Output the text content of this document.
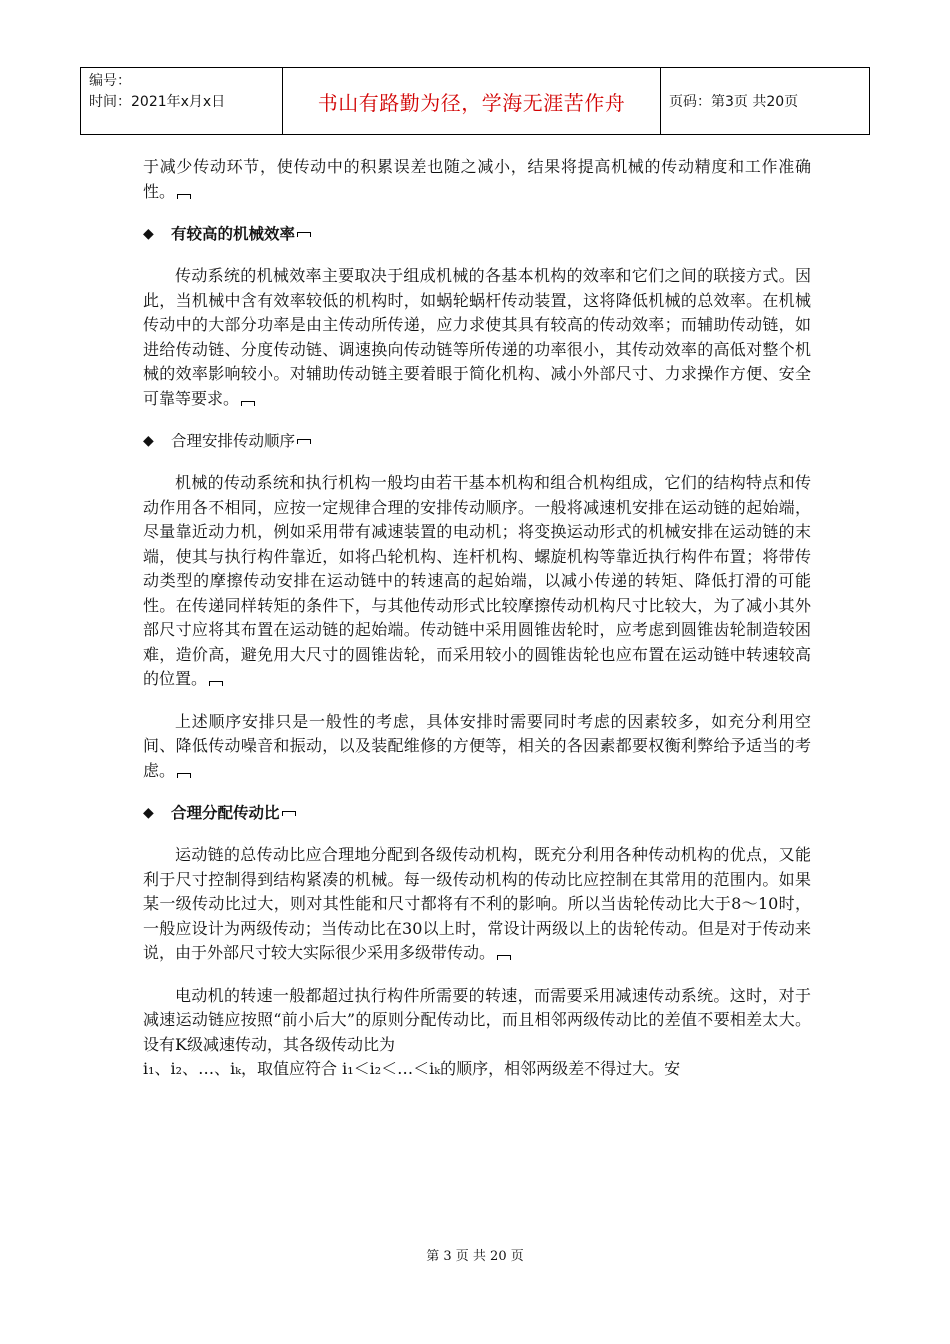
编号：
时间：2021年x月x日	书山有路勤为径，学海无涯苦作舟	页码：第3页 共20页

于减少传动环节，使传动中的积累误差也随之减小，结果将提高机械的传动精度和工作准确性。

◆ 有较高的机械效率

传动系统的机械效率主要取决于组成机械的各基本机构的效率和它们之间的联接方式。因此，当机械中含有效率较低的机构时，如蜗轮蜗杆传动装置，这将降低机械的总效率。在机械传动中的大部分功率是由主传动所传递，应力求使其具有较高的传动效率；而辅助传动链，如进给传动链、分度传动链、调速换向传动链等所传递的功率很小，其传动效率的高低对整个机械的效率影响较小。对辅助传动链主要着眼于简化机构、减小外部尺寸、力求操作方便、安全可靠等要求。

◆ 合理安排传动顺序

机械的传动系统和执行机构一般均由若干基本机构和组合机构组成，它们的结构特点和传动作用各不相同，应按一定规律合理的安排传动顺序。一般将减速机安排在运动链的起始端，尽量靠近动力机，例如采用带有减速装置的电动机；将变换运动形式的机械安排在运动链的末端，使其与执行构件靠近，如将凸轮机构、连杆机构、螺旋机构等靠近执行构件布置；将带传动类型的摩擦传动安排在运动链中的转速高的起始端，以减小传递的转矩、降低打滑的可能性。在传递同样转矩的条件下，与其他传动形式比较摩擦传动机构尺寸比较大，为了减小其外部尺寸应将其布置在运动链的起始端。传动链中采用圆锥齿轮时，应考虑到圆锥齿轮制造较困难，造价高，避免用大尺寸的圆锥齿轮，而采用较小的圆锥齿轮也应布置在运动链中转速较高的位置。

上述顺序安排只是一般性的考虑，具体安排时需要同时考虑的因素较多，如充分利用空间、降低传动噪音和振动，以及装配维修的方便等，相关的各因素都要权衡利弊给予适当的考虑。

◆ 合理分配传动比

运动链的总传动比应合理地分配到各级传动机构，既充分利用各种传动机构的优点，又能利于尺寸控制得到结构紧凑的机械。每一级传动机构的传动比应控制在其常用的范围内。如果某一级传动比过大，则对其性能和尺寸都将有不利的影响。所以当齿轮传动比大于8～10时，一般应设计为两级传动；当传动比在30以上时，常设计两级以上的齿轮传动。但是对于传动来说，由于外部尺寸较大实际很少采用多级带传动。

电动机的转速一般都超过执行构件所需要的转速，而需要采用减速传动系统。这时，对于减速运动链应按照“前小后大”的原则分配传动比，而且相邻两级传动比的差值不要相差太大。设有K级减速传动，其各级传动比为

i₁、i₂、…、iₖ，取值应符合 i₁＜i₂＜…＜iₖ的顺序，相邻两级差不得过大。安

第 3 页 共 20 页
